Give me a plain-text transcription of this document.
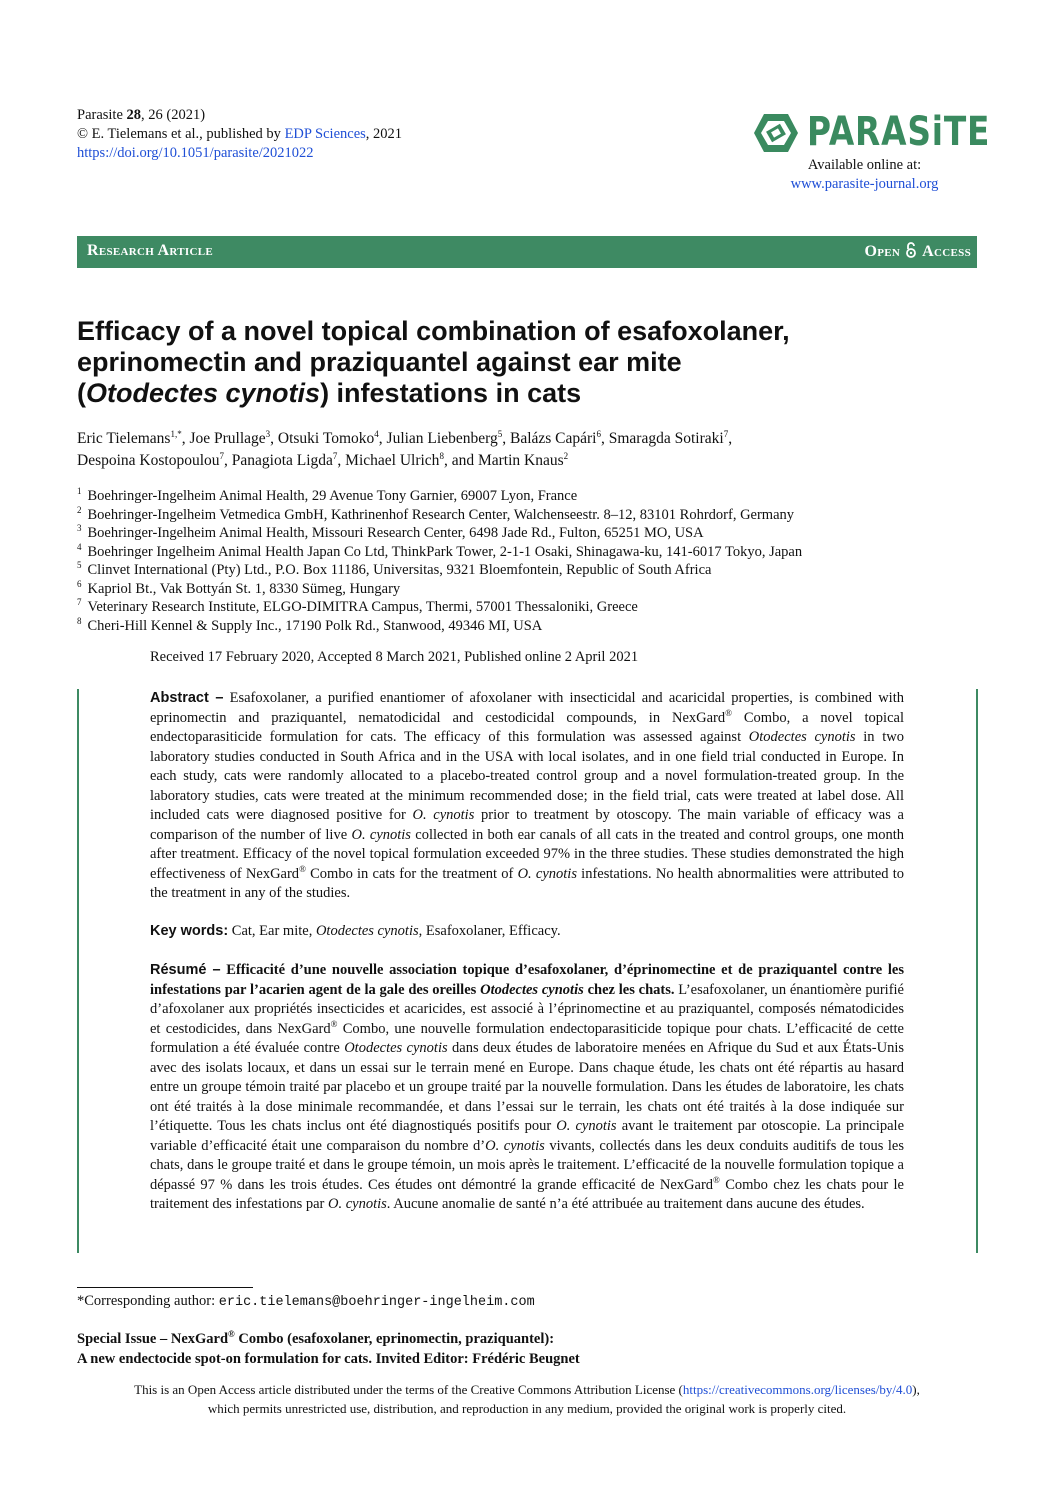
Parasite 28, 26 (2021)
© E. Tielemans et al., published by EDP Sciences, 2021
https://doi.org/10.1051/parasite/2021022	PARASiTE
Available online at:
www.parasite-journal.org
Research Article	Open Access
Efficacy of a novel topical combination of esafoxolaner,
eprinomectin and praziquantel against ear mite
(Otodectes cynotis) infestations in cats
Eric Tielemans$^{1,*}$, Joe Prullage$^3$, Otsuki Tomoko$^4$, Julian Liebenberg$^5$, Balázs Capári$^6$, Smaragda Sotiraki$^7$,
Despoina Kostopoulou$^7$, Panagiota Ligda$^7$, Michael Ulrich$^8$, and Martin Knaus$^2$
$^1$ Boehringer-Ingelheim Animal Health, 29 Avenue Tony Garnier, 69007 Lyon, France
$^2$ Boehringer-Ingelheim Vetmedica GmbH, Kathrinenhof Research Center, Walchenseestr. 8–12, 83101 Rohrdorf, Germany
$^3$ Boehringer-Ingelheim Animal Health, Missouri Research Center, 6498 Jade Rd., Fulton, 65251 MO, USA
$^4$ Boehringer Ingelheim Animal Health Japan Co Ltd, ThinkPark Tower, 2-1-1 Osaki, Shinagawa-ku, 141-6017 Tokyo, Japan
$^5$ Clinvet International (Pty) Ltd., P.O. Box 11186, Universitas, 9321 Bloemfontein, Republic of South Africa
$^6$ Kapriol Bt., Vak Bottyán St. 1, 8330 Sümeg, Hungary
$^7$ Veterinary Research Institute, ELGO-DIMITRA Campus, Thermi, 57001 Thessaloniki, Greece
$^8$ Cheri-Hill Kennel & Supply Inc., 17190 Polk Rd., Stanwood, 49346 MI, USA
Received 17 February 2020, Accepted 8 March 2021, Published online 2 April 2021

Abstract – Esafoxolaner, a purified enantiomer of afoxolaner with insecticidal and acaricidal properties, is combined with eprinomectin and praziquantel, nematodicidal and cestodicidal compounds, in NexGard® Combo, a novel topical endectoparasiticide formulation for cats. The efficacy of this formulation was assessed against Otodectes cynotis in two laboratory studies conducted in South Africa and in the USA with local isolates, and in one field trial conducted in Europe. In each study, cats were randomly allocated to a placebo-treated control group and a novel formulation-treated group. In the laboratory studies, cats were treated at the minimum recommended dose; in the field trial, cats were treated at label dose. All included cats were diagnosed positive for O. cynotis prior to treatment by otoscopy. The main variable of efficacy was a comparison of the number of live O. cynotis collected in both ear canals of all cats in the treated and control groups, one month after treatment. Efficacy of the novel topical formulation exceeded 97% in the three studies. These studies demonstrated the high effectiveness of NexGard® Combo in cats for the treatment of O. cynotis infestations. No health abnormalities were attributed to the treatment in any of the studies.

Key words: Cat, Ear mite, Otodectes cynotis, Esafoxolaner, Efficacy.

Résumé – Efficacité d’une nouvelle association topique d’esafoxolaner, d’éprinomectine et de praziquantel contre les infestations par l’acarien agent de la gale des oreilles Otodectes cynotis chez les chats. L’esafoxolaner, un énantiomère purifié d’afoxolaner aux propriétés insecticides et acaricides, est associé à l’éprinomectine et au praziquantel, composés nématodicides et cestodicides, dans NexGard® Combo, une nouvelle formulation endectoparasiticide topique pour chats. L’efficacité de cette formulation a été évaluée contre Otodectes cynotis dans deux études de laboratoire menées en Afrique du Sud et aux États-Unis avec des isolats locaux, et dans un essai sur le terrain mené en Europe. Dans chaque étude, les chats ont été répartis au hasard entre un groupe témoin traité par placebo et un groupe traité par la nouvelle formulation. Dans les études de laboratoire, les chats ont été traités à la dose minimale recommandée, et dans l’essai sur le terrain, les chats ont été traités à la dose indiquée sur l’étiquette. Tous les chats inclus ont été diagnostiqués positifs pour O. cynotis avant le traitement par otoscopie. La principale variable d’efficacité était une comparaison du nombre d’O. cynotis vivants, collectés dans les deux conduits auditifs de tous les chats, dans le groupe traité et dans le groupe témoin, un mois après le traitement. L’efficacité de la nouvelle formulation topique a dépassé 97 % dans les trois études. Ces études ont démontré la grande efficacité de NexGard® Combo chez les chats pour le traitement des infestations par O. cynotis. Aucune anomalie de santé n’a été attribuée au traitement dans aucune des études.

*Corresponding author: eric.tielemans@boehringer-ingelheim.com
Special Issue – NexGard® Combo (esafoxolaner, eprinomectin, praziquantel):
A new endectocide spot-on formulation for cats. Invited Editor: Frédéric Beugnet
This is an Open Access article distributed under the terms of the Creative Commons Attribution License (https://creativecommons.org/licenses/by/4.0),
which permits unrestricted use, distribution, and reproduction in any medium, provided the original work is properly cited.
